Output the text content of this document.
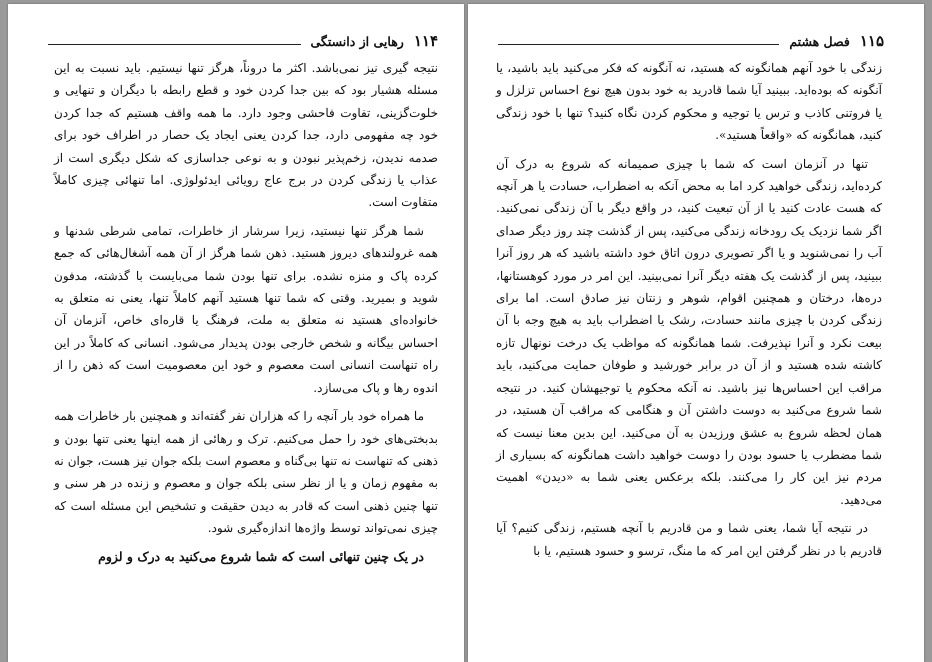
۱۱۴
رهایی از دانستگی

نتیجه گیری نیز نمی‌باشد. اکثر ما دروناً، هرگز تنها نیستیم. باید نسبت به این مسئله هشیار بود که بین جدا کردن خود و قطع رابطه با دیگران و تنهایی و خلوت‌گزینی، تفاوت فاحشی وجود دارد. ما همه واقف هستیم که جدا کردن خود چه مفهومی دارد، جدا کردن یعنی ایجاد یک حصار در اطراف خود برای صدمه ندیدن، زخم‌پذیر نبودن و به نوعی جداسازی که شکل دیگری است از عذاب یا زندگی کردن در برج عاج رویائی ایدئولوژی. اما تنهائی چیزی کاملاً متفاوت است.

شما هرگز تنها نیستید، زیرا سرشار از خاطرات، تمامی شرطی شدنها و همه غرولندهای دیروز هستید. ذهن شما هرگز از آن همه آشغال‌هائی که جمع کرده پاک و منزه نشده. برای تنها بودن شما می‌بایست با گذشته، مدفون شوید و بمیرید. وقتی که شما تنها هستید آنهم کاملاً تنها، یعنی نه متعلق به خانواده‌ای هستید نه متعلق به ملت، فرهنگ یا قاره‌ای خاص، آنزمان آن احساس بیگانه و شخص خارجی بودن پدیدار می‌شود. انسانی که کاملاً در این راه تنهاست انسانی است معصوم و خود این معصومیت است که ذهن را از اندوه رها و پاک می‌سازد.

ما همراه خود بار آنچه را که هزاران نفر گفته‌اند و همچنین بار خاطرات همه بدبختی‌های خود را حمل می‌کنیم. ترک و رهائی از همه اینها یعنی تنها بودن و ذهنی که تنهاست نه تنها بی‌گناه و معصوم است بلکه جوان نیز هست، جوان نه به مفهوم زمان و یا از نظر سنی بلکه جوان و معصوم و زنده در هر سنی و تنها چنین ذهنی است که قادر به دیدن حقیقت و تشخیص این مسئله است که چیزی نمی‌تواند توسط واژه‌ها اندازه‌گیری شود.

در یک چنین تنهائی است که شما شروع می‌کنید به درک و لزوم

۱۱۵
فصل هشتم

زندگی با خود آنهم همانگونه که هستید، نه آنگونه که فکر می‌کنید باید باشید، یا آنگونه که بوده‌اید. ببینید آیا شما قادرید به خود بدون هیچ نوع احساس تزلزل و یا فروتنی کاذب و ترس یا توجیه و محکوم کردن نگاه کنید؟ تنها با خود زندگی کنید، همانگونه که «واقعاً هستید».

تنها در آنزمان است که شما با چیزی صمیمانه که شروع به درک آن کرده‌اید، زندگی خواهید کرد اما به محض آنکه به اضطراب، حسادت یا هر آنچه که هست عادت کنید یا از آن تبعیت کنید، در واقع دیگر با آن زندگی نمی‌کنید. اگر شما نزدیک یک رودخانه زندگی می‌کنید، پس از گذشت چند روز دیگر صدای آب را نمی‌شنوید و یا اگر تصویری درون اتاق خود داشته باشید که هر روز آنرا ببینید، پس از گذشت یک هفته دیگر آنرا نمی‌بینید. این امر در مورد کوهستانها، دره‌ها، درختان و همچنین اقوام، شوهر و زنتان نیز صادق است. اما برای زندگی کردن با چیزی مانند حسادت، رشک یا اضطراب باید به هیچ وجه با آن بیعت نکرد و آنرا نپذیرفت. شما همانگونه که مواظب یک درخت نونهال تازه کاشته شده هستید و از آن در برابر خورشید و طوفان حمایت می‌کنید، باید مراقب این احساس‌ها نیز باشید. نه آنکه محکوم یا توجیهشان کنید. در نتیجه شما شروع می‌کنید به دوست داشتن آن و هنگامی که مراقب آن هستید، در همان لحظه شروع به عشق ورزیدن به آن می‌کنید. این بدین معنا نیست که شما مضطرب یا حسود بودن را دوست خواهید داشت همانگونه که بسیاری از مردم نیز این کار را می‌کنند. بلکه برعکس یعنی شما به «دیدن» اهمیت می‌دهید.

در نتیجه آیا شما، یعنی شما و من قادریم با آنچه هستیم، زندگی کنیم؟ آیا قادریم با در نظر گرفتن این امر که ما منگ، ترسو و حسود هستیم، یا با
